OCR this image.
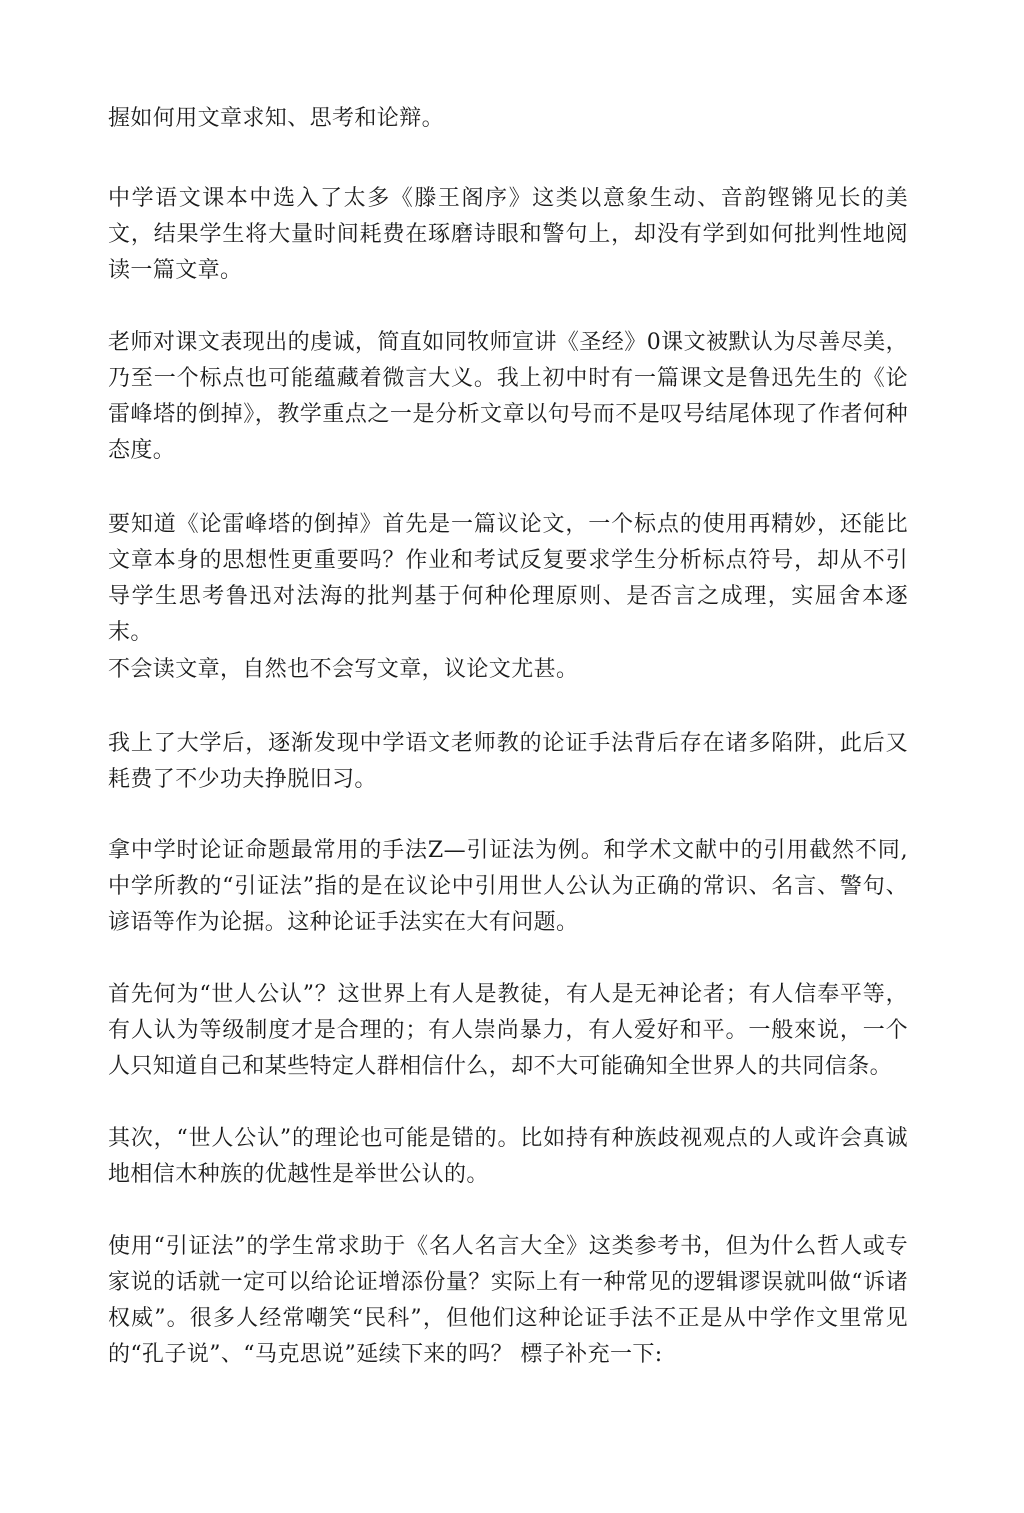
握如何用文章求知、思考和论辩。

中学语文课本中选入了太多《滕王阁序》这类以意象生动、音韵铿锵见长的美文，结果学生将大量时间耗费在琢磨诗眼和警句上，却没有学到如何批判性地阅读一篇文章。

老师对课文表现出的虔诚，简直如同牧师宣讲《圣经》0课文被默认为尽善尽美，乃至一个标点也可能蕴藏着微言大义。我上初中时有一篇课文是鲁迅先生的《论雷峰塔的倒掉》，教学重点之一是分析文章以句号而不是叹号结尾体现了作者何种态度。

要知道《论雷峰塔的倒掉》首先是一篇议论文，一个标点的使用再精妙，还能比文章本身的思想性更重要吗？作业和考试反复要求学生分析标点符号，却从不引导学生思考鲁迅对法海的批判基于何种伦理原则、是否言之成理，实屈舍本逐末。

不会读文章，自然也不会写文章，议论文尤甚。

我上了大学后，逐渐发现中学语文老师教的论证手法背后存在诸多陷阱，此后又耗费了不少功夫挣脱旧习。

拿中学时论证命题最常用的手法Z—引证法为例。和学术文献中的引用截然不同,中学所教的“引证法”指的是在议论中引用世人公认为正确的常识、名言、警句、谚语等作为论据。这种论证手法实在大有问题。

首先何为“世人公认”？这世界上有人是教徒，有人是无神论者；有人信奉平等，有人认为等级制度才是合理的；有人崇尚暴力，有人爱好和平。一般來说，一个人只知道自己和某些特定人群相信什么，却不大可能确知全世界人的共同信条。

其次，“世人公认”的理论也可能是错的。比如持有种族歧视观点的人或许会真诚地相信木种族的优越性是举世公认的。

使用“引证法”的学生常求助于《名人名言大全》这类参考书，但为什么哲人或专家说的话就一定可以给论证增添份量？实际上有一种常见的逻辑谬误就叫做“诉诸权威”。很多人经常嘲笑“民科”，但他们这种论证手法不正是从中学作文里常见的“孔子说”、“马克思说”延续下来的吗？ 標子补充一下:
